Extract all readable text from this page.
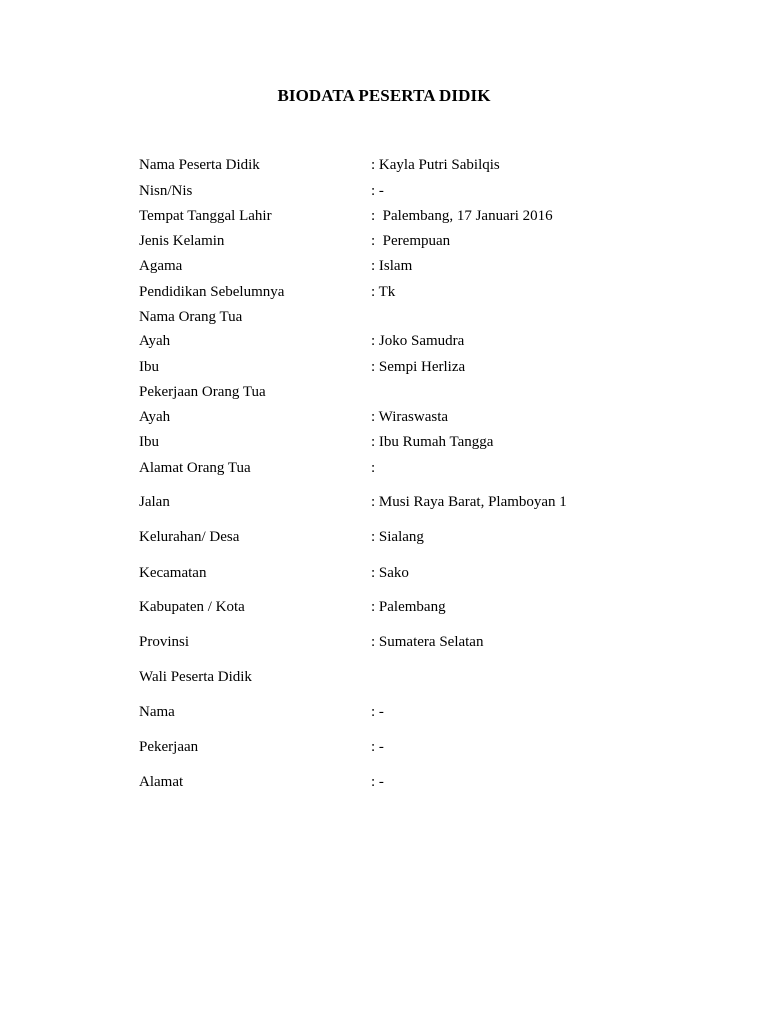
BIODATA PESERTA DIDIK
Nama Peserta Didik	: Kayla Putri Sabilqis
Nisn/Nis	: -
Tempat Tanggal Lahir	:  Palembang, 17 Januari 2016
Jenis Kelamin	:  Perempuan
Agama	: Islam
Pendidikan Sebelumnya	: Tk
Nama Orang Tua
Ayah	: Joko Samudra
Ibu	: Sempi Herliza
Pekerjaan Orang Tua
Ayah	: Wiraswasta
Ibu	: Ibu Rumah Tangga
Alamat Orang Tua	:
Jalan	: Musi Raya Barat, Plamboyan 1
Kelurahan/ Desa	: Sialang
Kecamatan	: Sako
Kabupaten / Kota	: Palembang
Provinsi	: Sumatera Selatan
Wali Peserta Didik
Nama	: -
Pekerjaan	: -
Alamat	: -
